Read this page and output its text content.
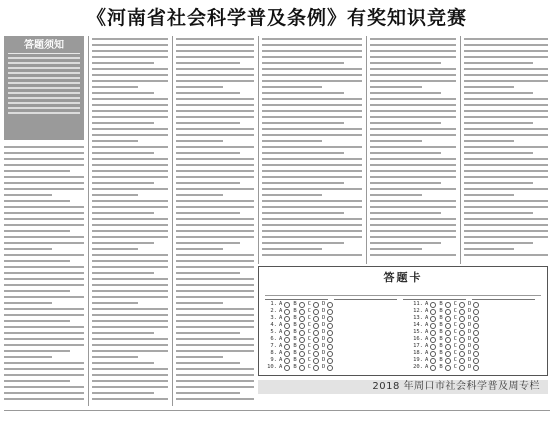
《河南省社会科学普及条例》有奖知识竞赛
答题须知
答题卡
1. A B C D
2. A B C D
3. A B C D
4. A B C D
5. A B C D
6. A B C D
7. A B C D
8. A B C D
9. A B C D
10. A B C D
11. A B C D
12. A B C D
13. A B C D
14. A B C D
15. A B C D
16. A B C D
17. A B C D
18. A B C D
19. A B C D
20. A B C D
2018 年周口市社会科学普及周专栏
